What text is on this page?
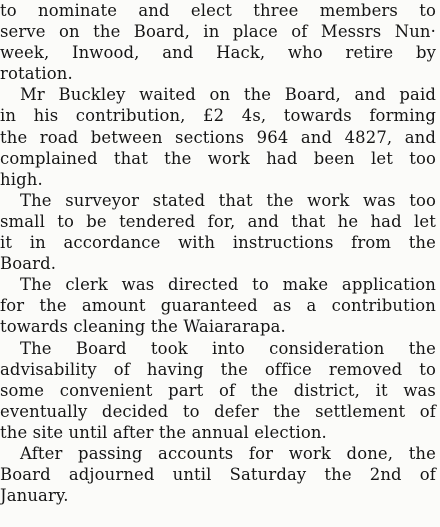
to nominate and elect three members to
serve on the Board, in place of Messrs Nun·
week, Inwood, and Hack, who retire by
rotation.

Mr Buckley waited on the Board, and paid
in his contribution, £2 4s, towards forming
the road between sections 964 and 4827, and
complained that the work had been let too
high.

The surveyor stated that the work was too
small to be tendered for, and that he had let
it in accordance with instructions from the
Board.

The clerk was directed to make application
for the amount guaranteed as a contribution
towards cleaning the Waiararapa.

The Board took into consideration the
advisability of having the office removed to
some convenient part of the district, it was
eventually decided to defer the settlement of
the site until after the annual election.

After passing accounts for work done, the
Board adjourned until Saturday the 2nd of
January.
